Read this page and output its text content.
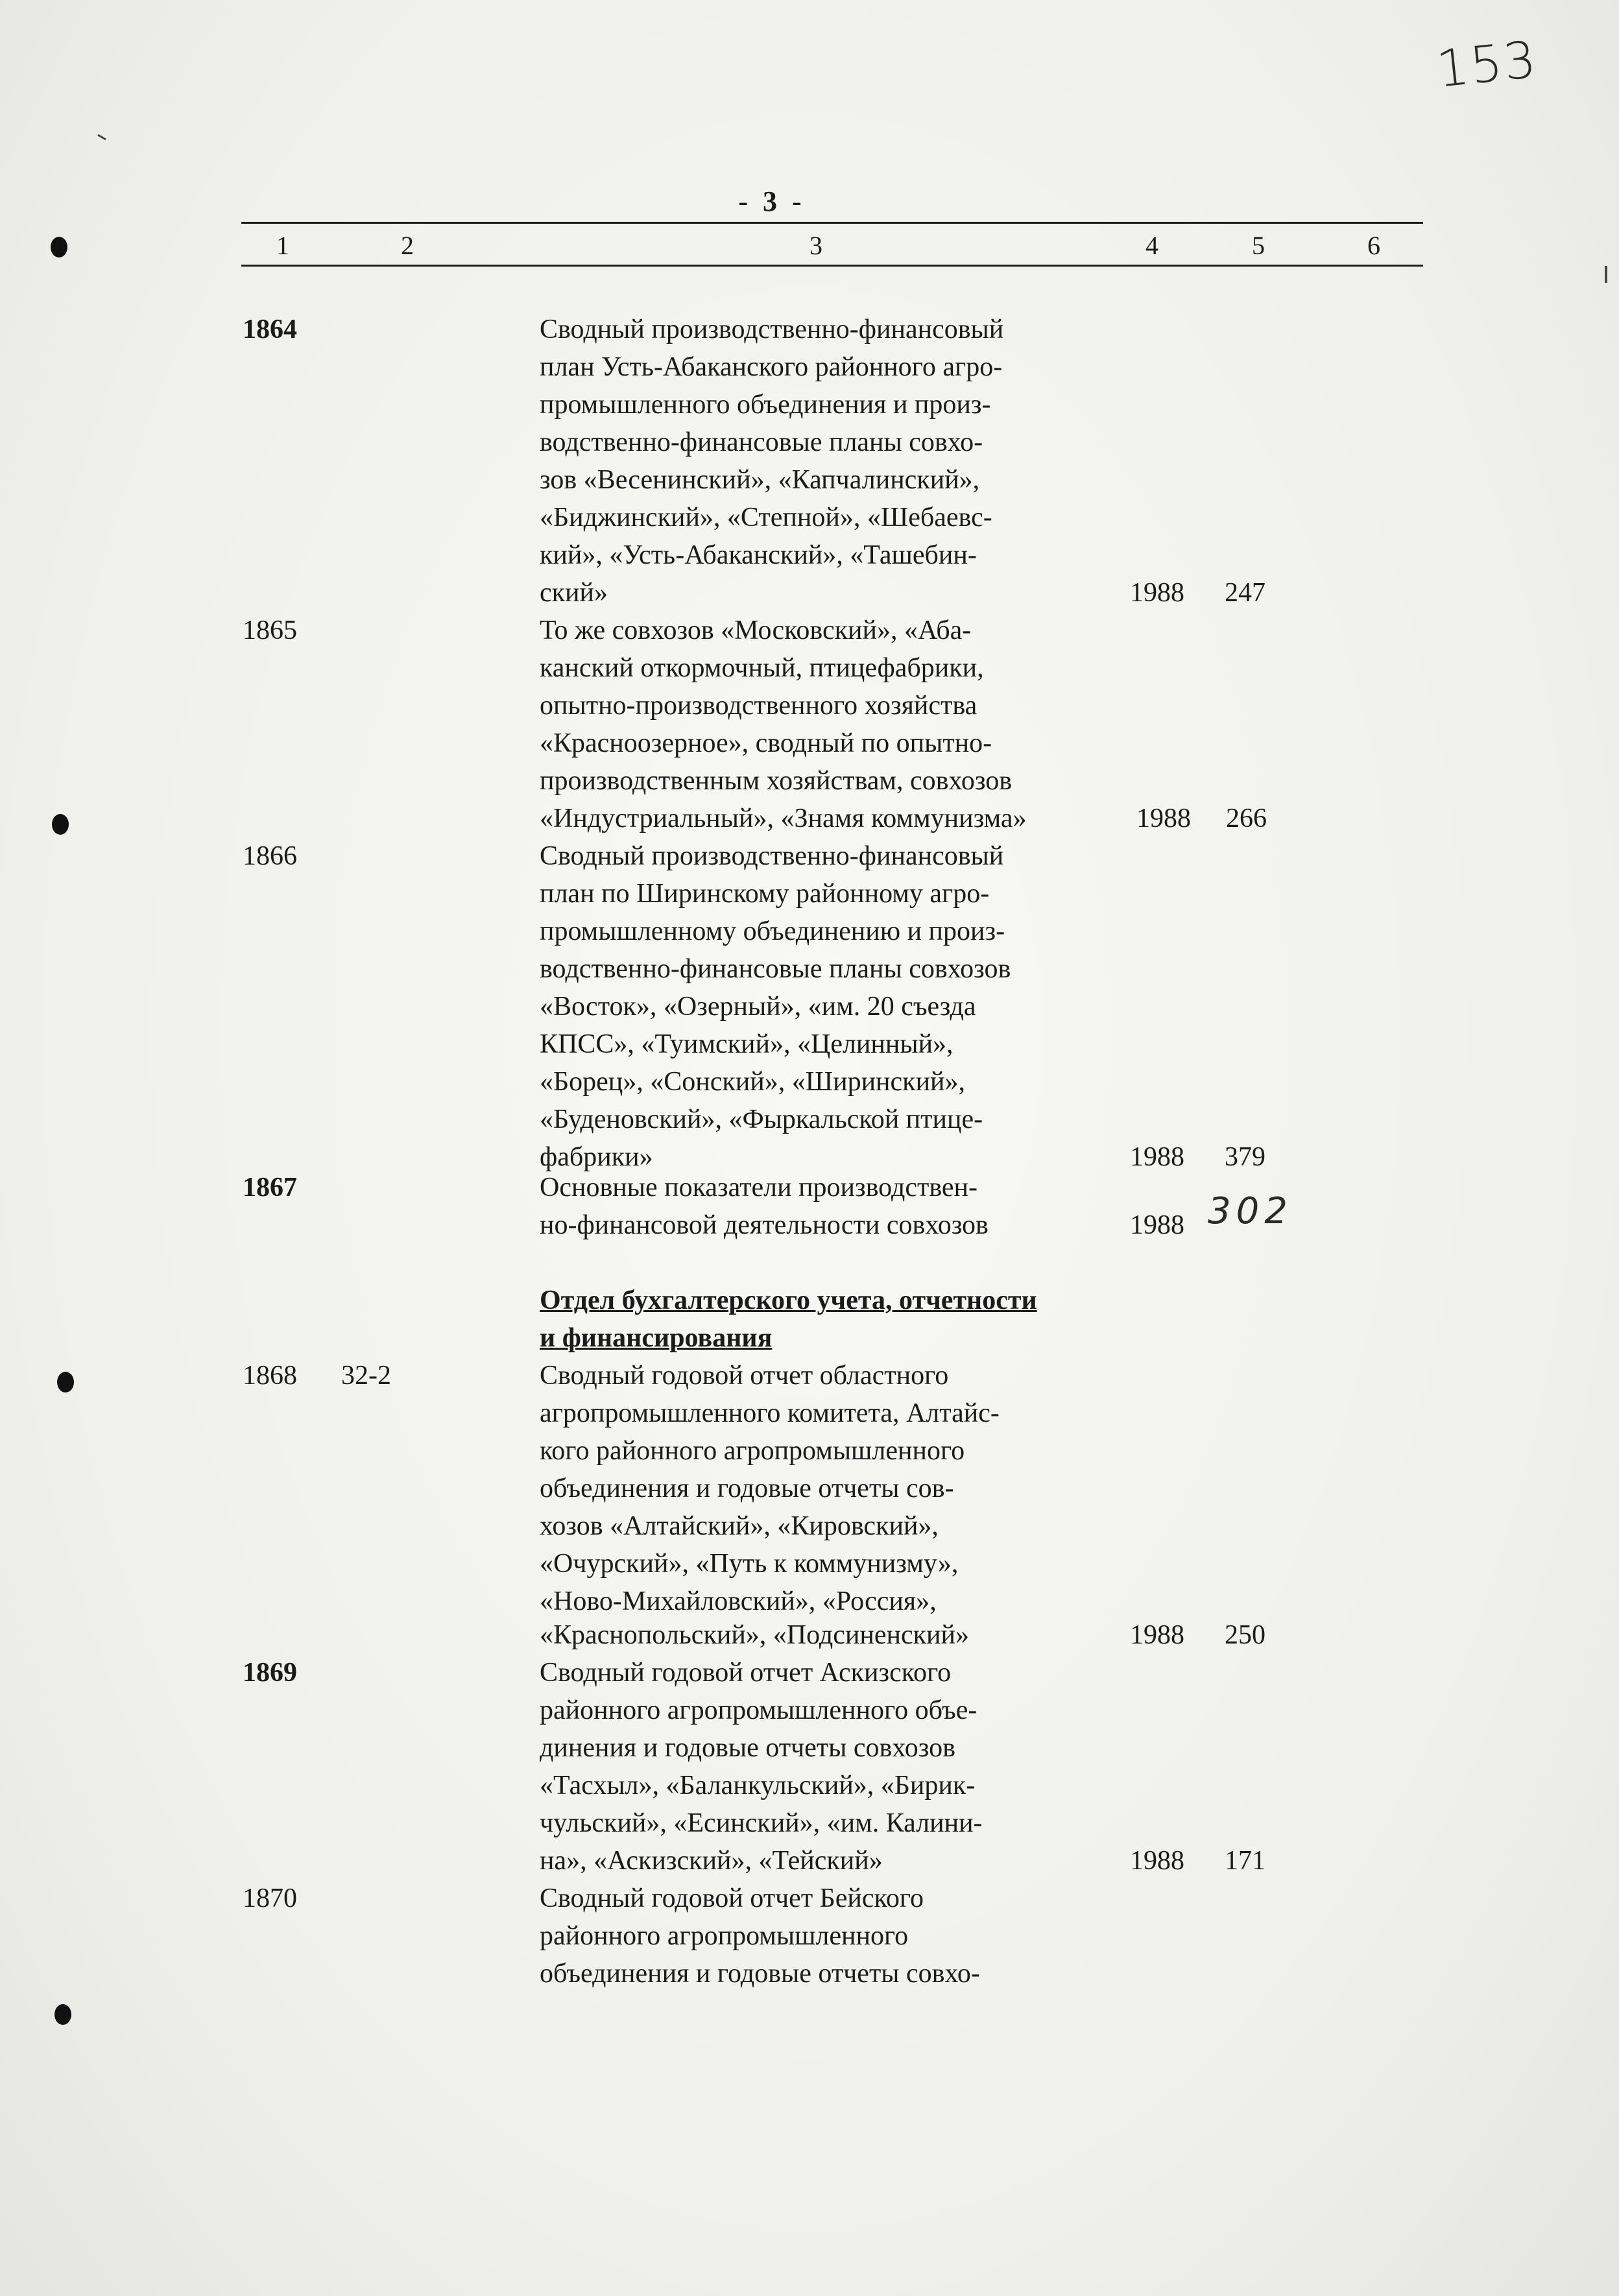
153
- 3 -
1	2	3	4	5	6
1864	Сводный производственно-финансовый
план Усть-Абаканского районного агро-
промышленного объединения и произ-
водственно-финансовые планы совхо-
зов «Весенинский», «Капчалинский»,
«Биджинский», «Степной», «Шебаевс-
кий», «Усть-Абаканский», «Ташебин-
ский»	1988 247
1865	То же совхозов «Московский», «Аба-
канский откормочный, птицефабрики,
опытно-производственного хозяйства
«Красноозерное», сводный по опытно-
производственным хозяйствам, совхозов
«Индустриальный», «Знамя коммунизма»	1988 266
1866	Сводный производственно-финансовый
план по Ширинскому районному агро-
промышленному объединению и произ-
водственно-финансовые планы совхозов
«Восток», «Озерный», «им. 20 съезда
КПСС», «Туимский», «Целинный»,
«Борец», «Сонский», «Ширинский»,
«Буденовский», «Фыркальской птице-
фабрики»	1988 379
1867	Основные показатели производствен-
но-финансовой деятельности совхозов	1988 302
Отдел бухгалтерского учета, отчетности
и финансирования
1868 32-2	Сводный годовой отчет областного
агропромышленного комитета, Алтайс-
кого районного агропромышленного
объединения и годовые отчеты сов-
хозов «Алтайский», «Кировский»,
«Очурский», «Путь к коммунизму»,
«Ново-Михайловский», «Россия»,
«Краснопольский», «Подсиненский»	1988 250
1869	Сводный годовой отчет Аскизского
районного агропромышленного объе-
динения и годовые отчеты совхозов
«Тасхыл», «Баланкульский», «Бирик-
чульский», «Есинский», «им. Калини-
на», «Аскизский», «Тейский»	1988 171
1870	Сводный годовой отчет Бейского
районного агропромышленного
объединения и годовые отчеты совхо-
